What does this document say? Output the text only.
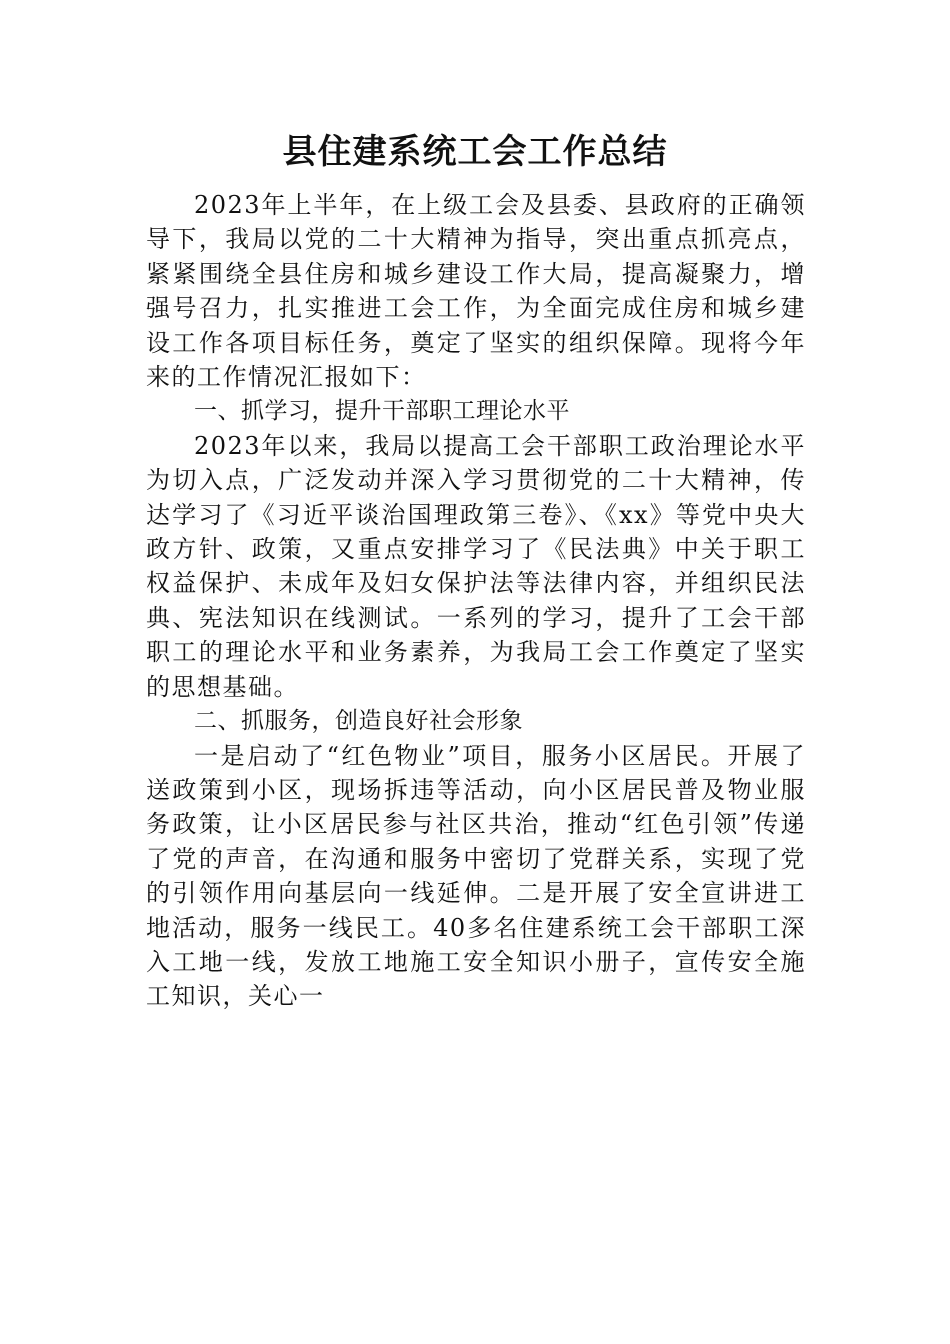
县住建系统工会工作总结

2023年上半年，在上级工会及县委、县政府的正确领导下，我局以党的二十大精神为指导，突出重点抓亮点，紧紧围绕全县住房和城乡建设工作大局，提高凝聚力，增强号召力，扎实推进工会工作，为全面完成住房和城乡建设工作各项目标任务，奠定了坚实的组织保障。现将今年来的工作情况汇报如下：

一、抓学习，提升干部职工理论水平

2023年以来，我局以提高工会干部职工政治理论水平为切入点，广泛发动并深入学习贯彻党的二十大精神，传达学习了《习近平谈治国理政第三卷》、《xx》等党中央大政方针、政策，又重点安排学习了《民法典》中关于职工权益保护、未成年及妇女保护法等法律内容，并组织民法典、宪法知识在线测试。一系列的学习，提升了工会干部职工的理论水平和业务素养，为我局工会工作奠定了坚实的思想基础。

二、抓服务，创造良好社会形象

一是启动了“红色物业”项目，服务小区居民。开展了送政策到小区，现场拆违等活动，向小区居民普及物业服务政策，让小区居民参与社区共治，推动“红色引领”传递了党的声音，在沟通和服务中密切了党群关系，实现了党的引领作用向基层向一线延伸。二是开展了安全宣讲进工地活动，服务一线民工。40多名住建系统工会干部职工深入工地一线，发放工地施工安全知识小册子，宣传安全施工知识，关心一
